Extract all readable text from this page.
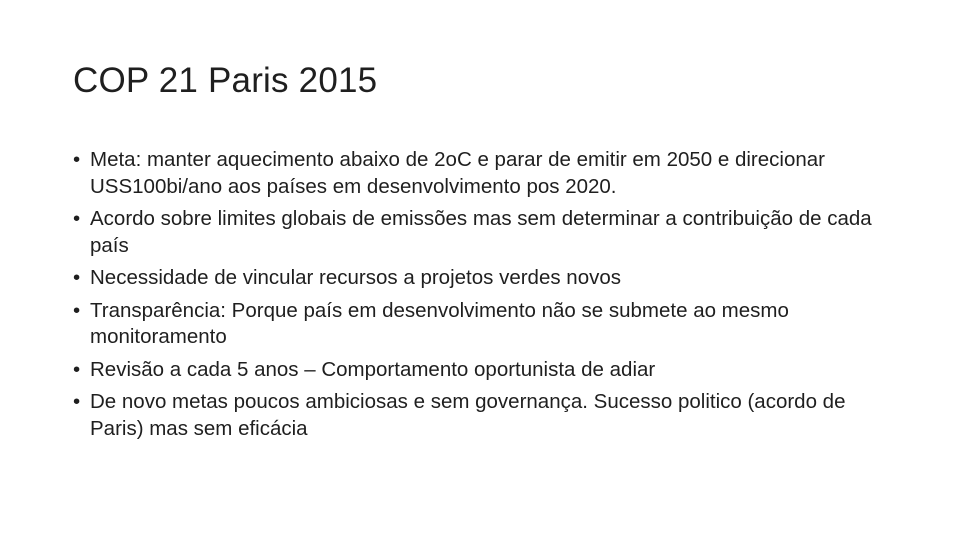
COP 21 Paris 2015
• Meta: manter aquecimento abaixo de 2oC e parar de emitir em 2050 e direcionar USS100bi/ano aos países em desenvolvimento pos 2020.
• Acordo sobre limites globais de emissões mas sem determinar a contribuição de cada país
• Necessidade de vincular recursos a projetos verdes novos
• Transparência: Porque país em desenvolvimento não se submete ao mesmo monitoramento
• Revisão a cada 5 anos – Comportamento oportunista de adiar
• De novo metas poucos ambiciosas e sem governança. Sucesso politico (acordo de Paris) mas sem eficácia
